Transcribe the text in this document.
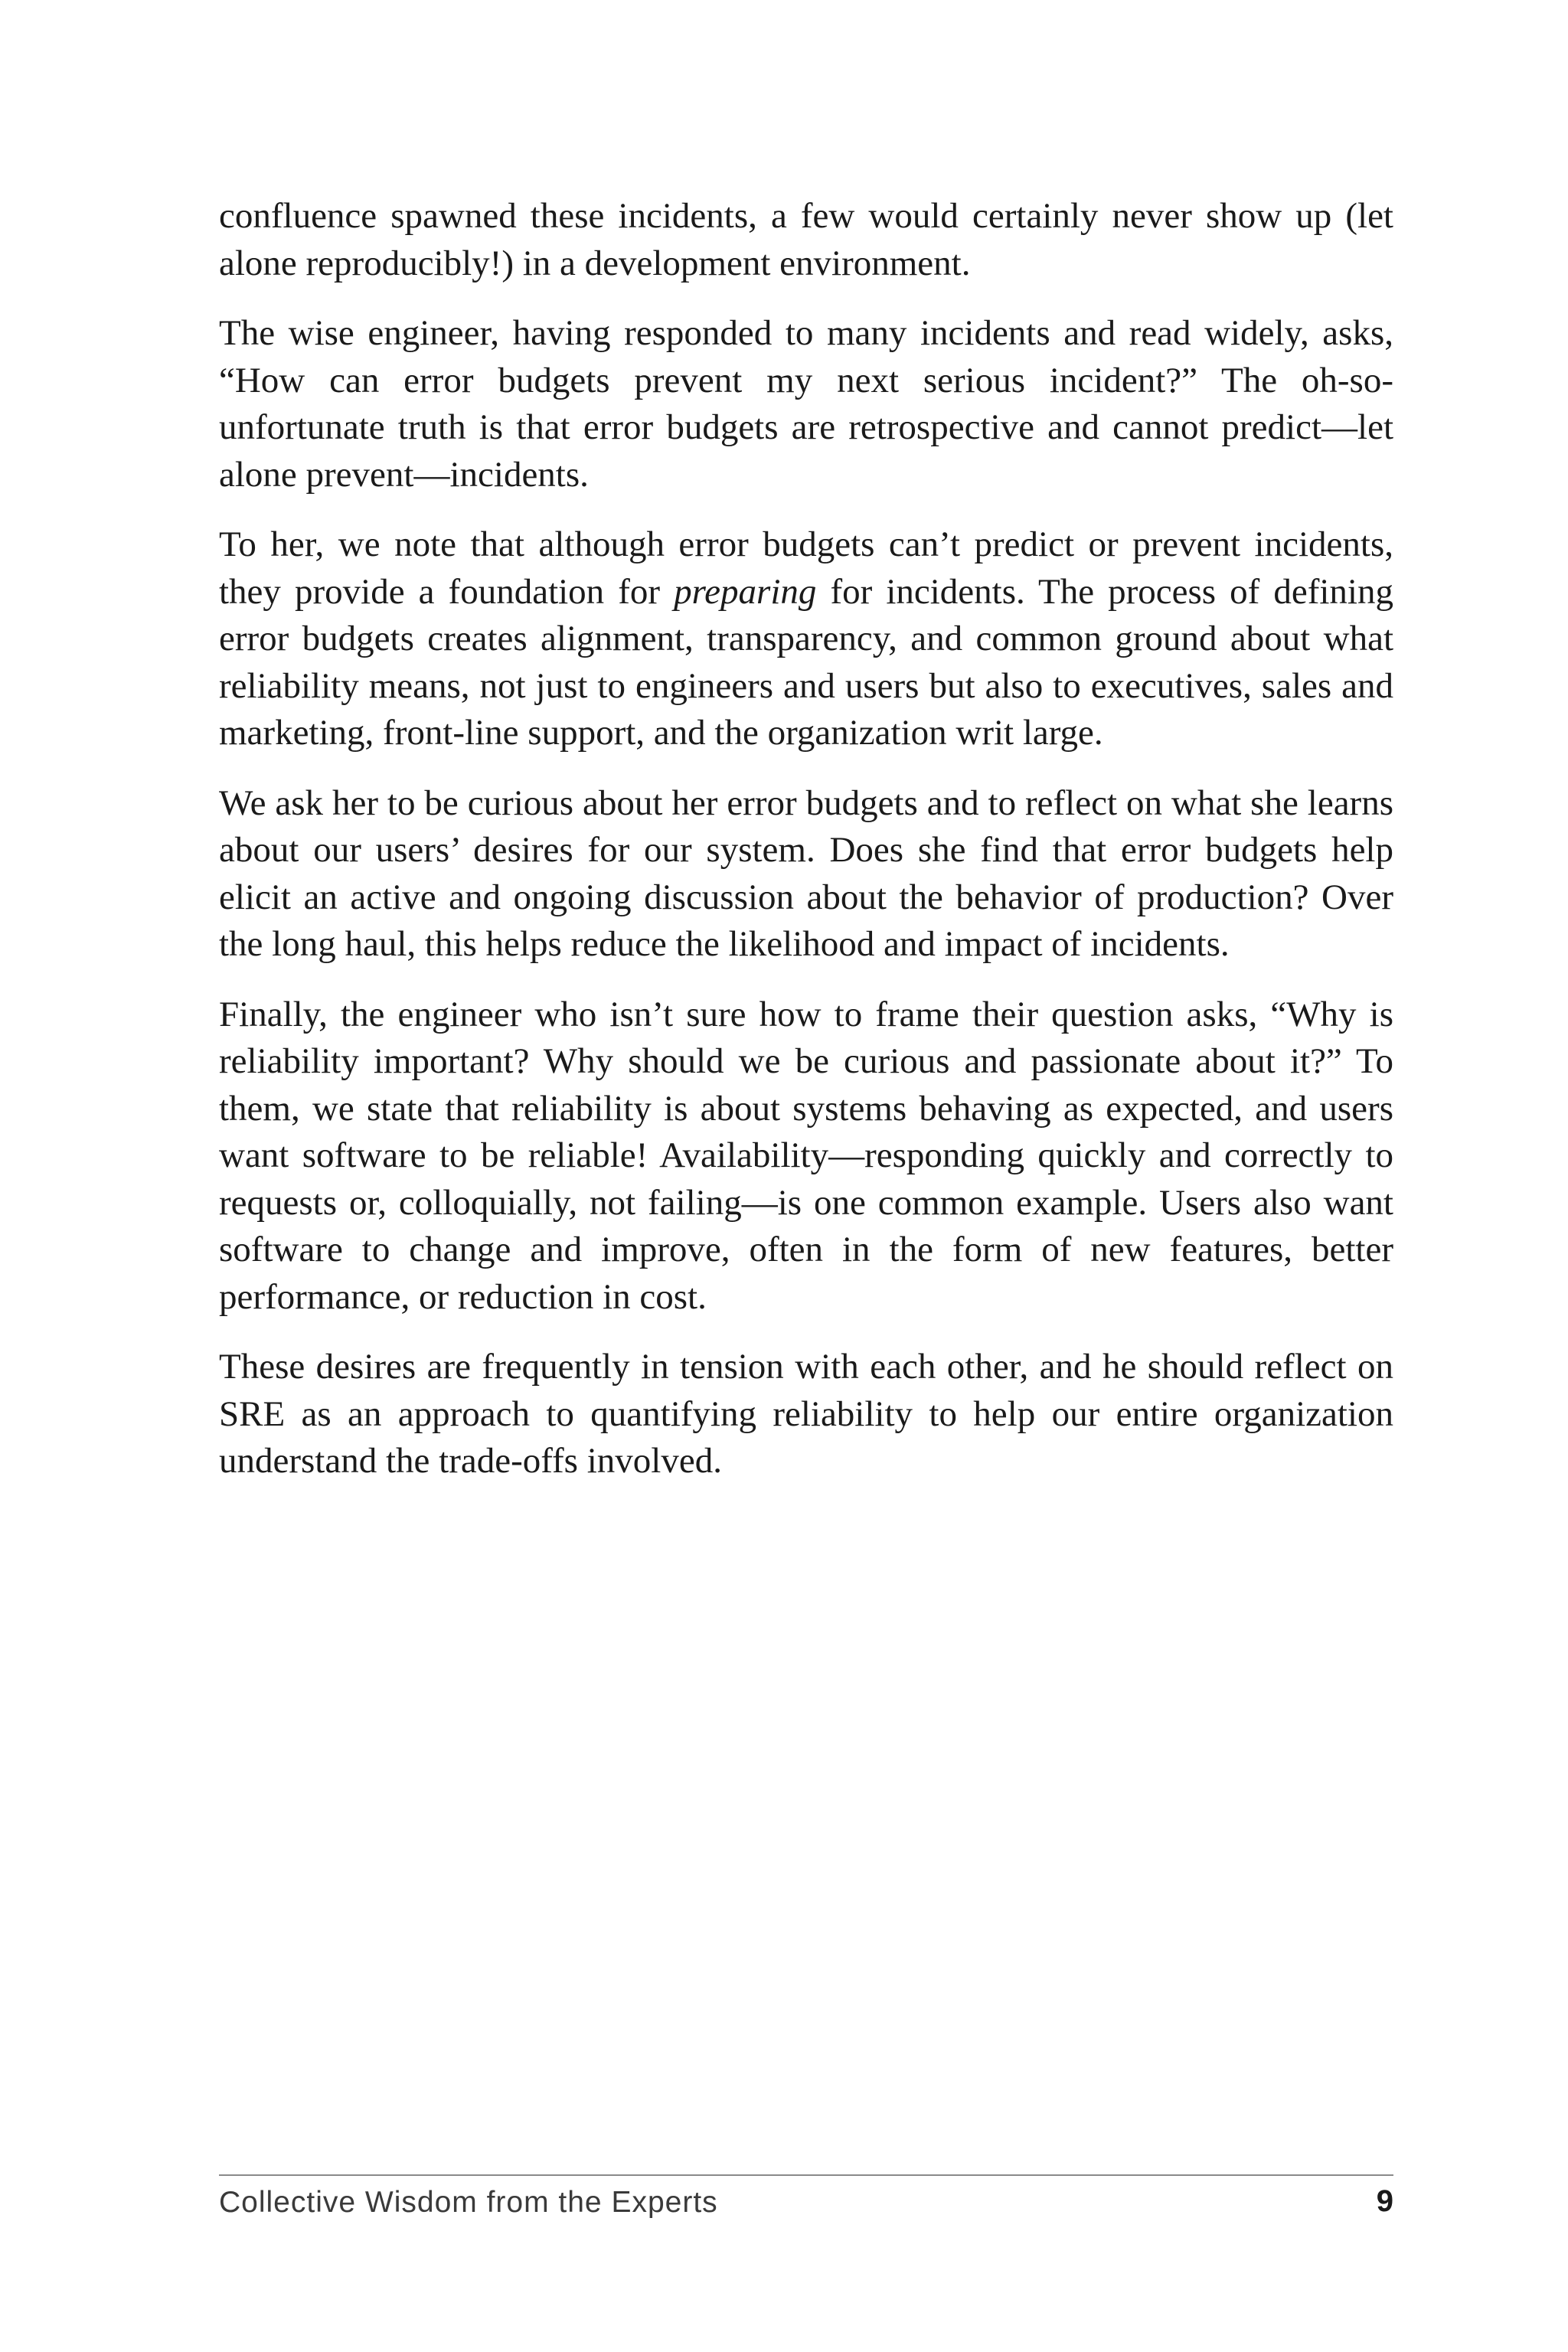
confluence spawned these incidents, a few would certainly never show up (let alone reproducibly!) in a development environment.

The wise engineer, having responded to many incidents and read widely, asks, “How can error budgets prevent my next serious incident?” The oh-so-unfortunate truth is that error budgets are retrospective and cannot predict—let alone prevent—incidents.

To her, we note that although error budgets can’t predict or prevent incidents, they provide a foundation for preparing for incidents. The process of defining error budgets creates alignment, transparency, and common ground about what reliability means, not just to engineers and users but also to executives, sales and marketing, front-line support, and the organization writ large.

We ask her to be curious about her error budgets and to reflect on what she learns about our users’ desires for our system. Does she find that error budgets help elicit an active and ongoing discussion about the behavior of production? Over the long haul, this helps reduce the likelihood and impact of incidents.

Finally, the engineer who isn’t sure how to frame their question asks, “Why is reliability important? Why should we be curious and passionate about it?” To them, we state that reliability is about systems behaving as expected, and users want software to be reliable! Availability—responding quickly and correctly to requests or, colloquially, not failing—is one common example. Users also want software to change and improve, often in the form of new features, better performance, or reduction in cost.

These desires are frequently in tension with each other, and he should reflect on SRE as an approach to quantifying reliability to help our entire organization understand the trade-offs involved.

Collective Wisdom from the Experts	9
